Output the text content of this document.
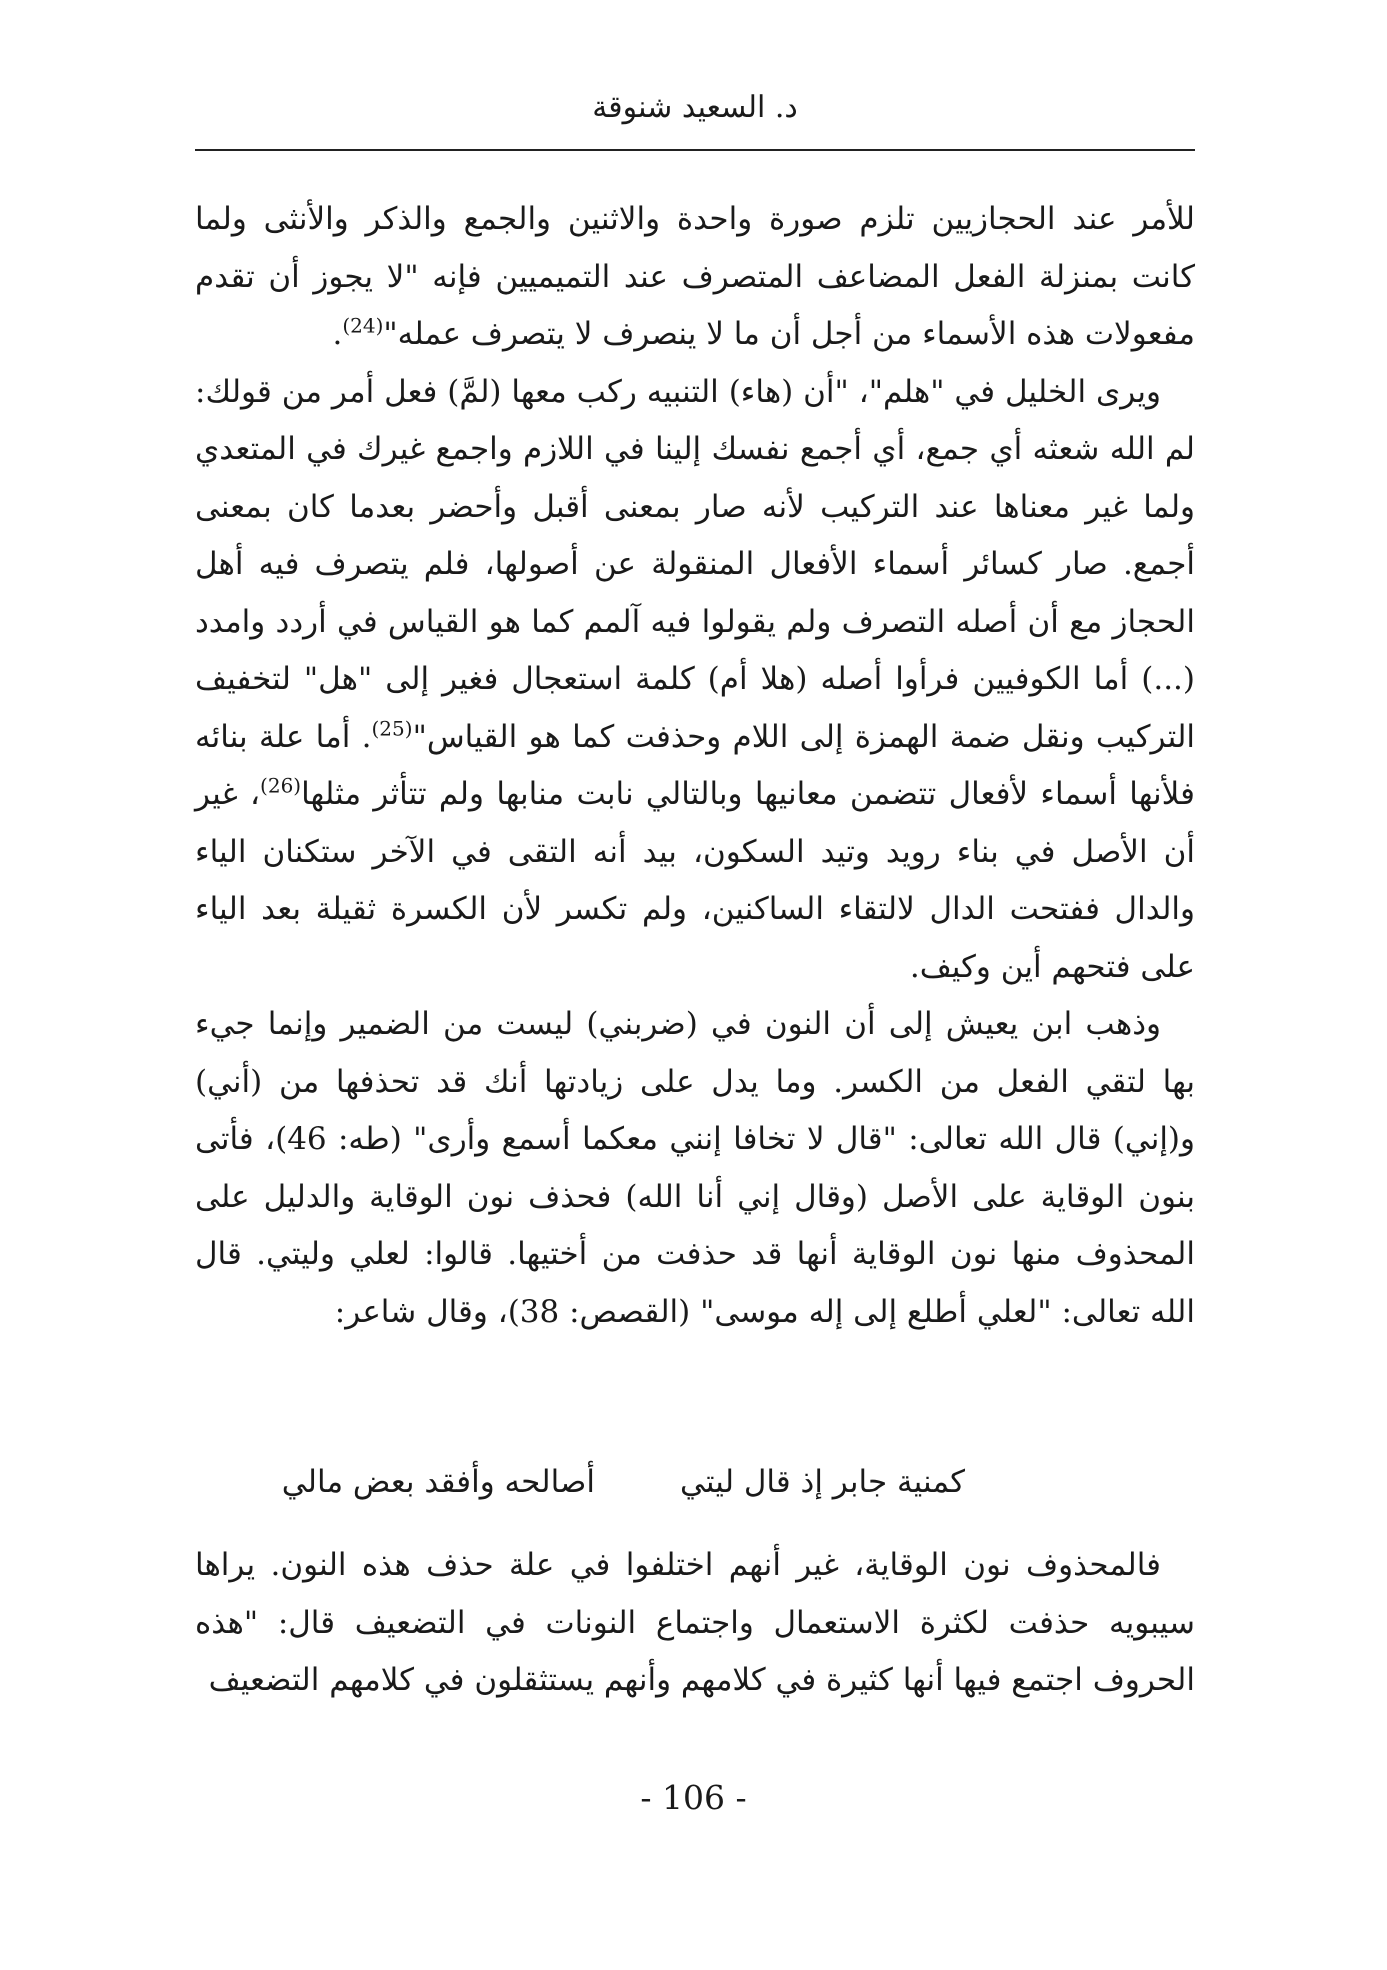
د. السعيد شنوقة

للأمر عند الحجازيين تلزم صورة واحدة والاثنين والجمع والذكر والأنثى ولما كانت بمنزلة الفعل المضاعف المتصرف عند التميميين فإنه "لا يجوز أن تقدم مفعولات هذه الأسماء من أجل أن ما لا ينصرف لا يتصرف عمله"$^{(24)}$.

ويرى الخليل في "هلم"، "أن (هاء) التنبيه ركب معها (لمَّ) فعل أمر من قولك: لم الله شعثه أي جمع، أي أجمع نفسك إلينا في اللازم واجمع غيرك في المتعدي ولما غير معناها عند التركيب لأنه صار بمعنى أقبل وأحضر بعدما كان بمعنى أجمع. صار كسائر أسماء الأفعال المنقولة عن أصولها، فلم يتصرف فيه أهل الحجاز مع أن أصله التصرف ولم يقولوا فيه آلمم كما هو القياس في أردد وامدد (...) أما الكوفيين فرأوا أصله (هلا أم) كلمة استعجال فغير إلى "هل" لتخفيف التركيب ونقل ضمة الهمزة إلى اللام وحذفت كما هو القياس"$^{(25)}$. أما علة بنائه فلأنها أسماء لأفعال تتضمن معانيها وبالتالي نابت منابها ولم تتأثر مثلها$^{(26)}$، غير أن الأصل في بناء رويد وتيد السكون، بيد أنه التقى في الآخر ستكنان الياء والدال ففتحت الدال لالتقاء الساكنين، ولم تكسر لأن الكسرة ثقيلة بعد الياء على فتحهم أين وكيف.

وذهب ابن يعيش إلى أن النون في (ضربني) ليست من الضمير وإنما جيء بها لتقي الفعل من الكسر. وما يدل على زيادتها أنك قد تحذفها من (أني) و(إني) قال الله تعالى: "قال لا تخافا إنني معكما أسمع وأرى" (طه: 46)، فأتى بنون الوقاية على الأصل (وقال إني أنا الله) فحذف نون الوقاية والدليل على المحذوف منها نون الوقاية أنها قد حذفت من أختيها. قالوا: لعلي وليتي. قال الله تعالى: "لعلي أطلع إلى إله موسى" (القصص: 38)، وقال شاعر:

كمنية جابر إذ قال ليتي
أصالحه وأفقد بعض مالي

فالمحذوف نون الوقاية، غير أنهم اختلفوا في علة حذف هذه النون. يراها سيبويه حذفت لكثرة الاستعمال واجتماع النونات في التضعيف قال: "هذه الحروف اجتمع فيها أنها كثيرة في كلامهم وأنهم يستثقلون في كلامهم التضعيف

- 106 -
